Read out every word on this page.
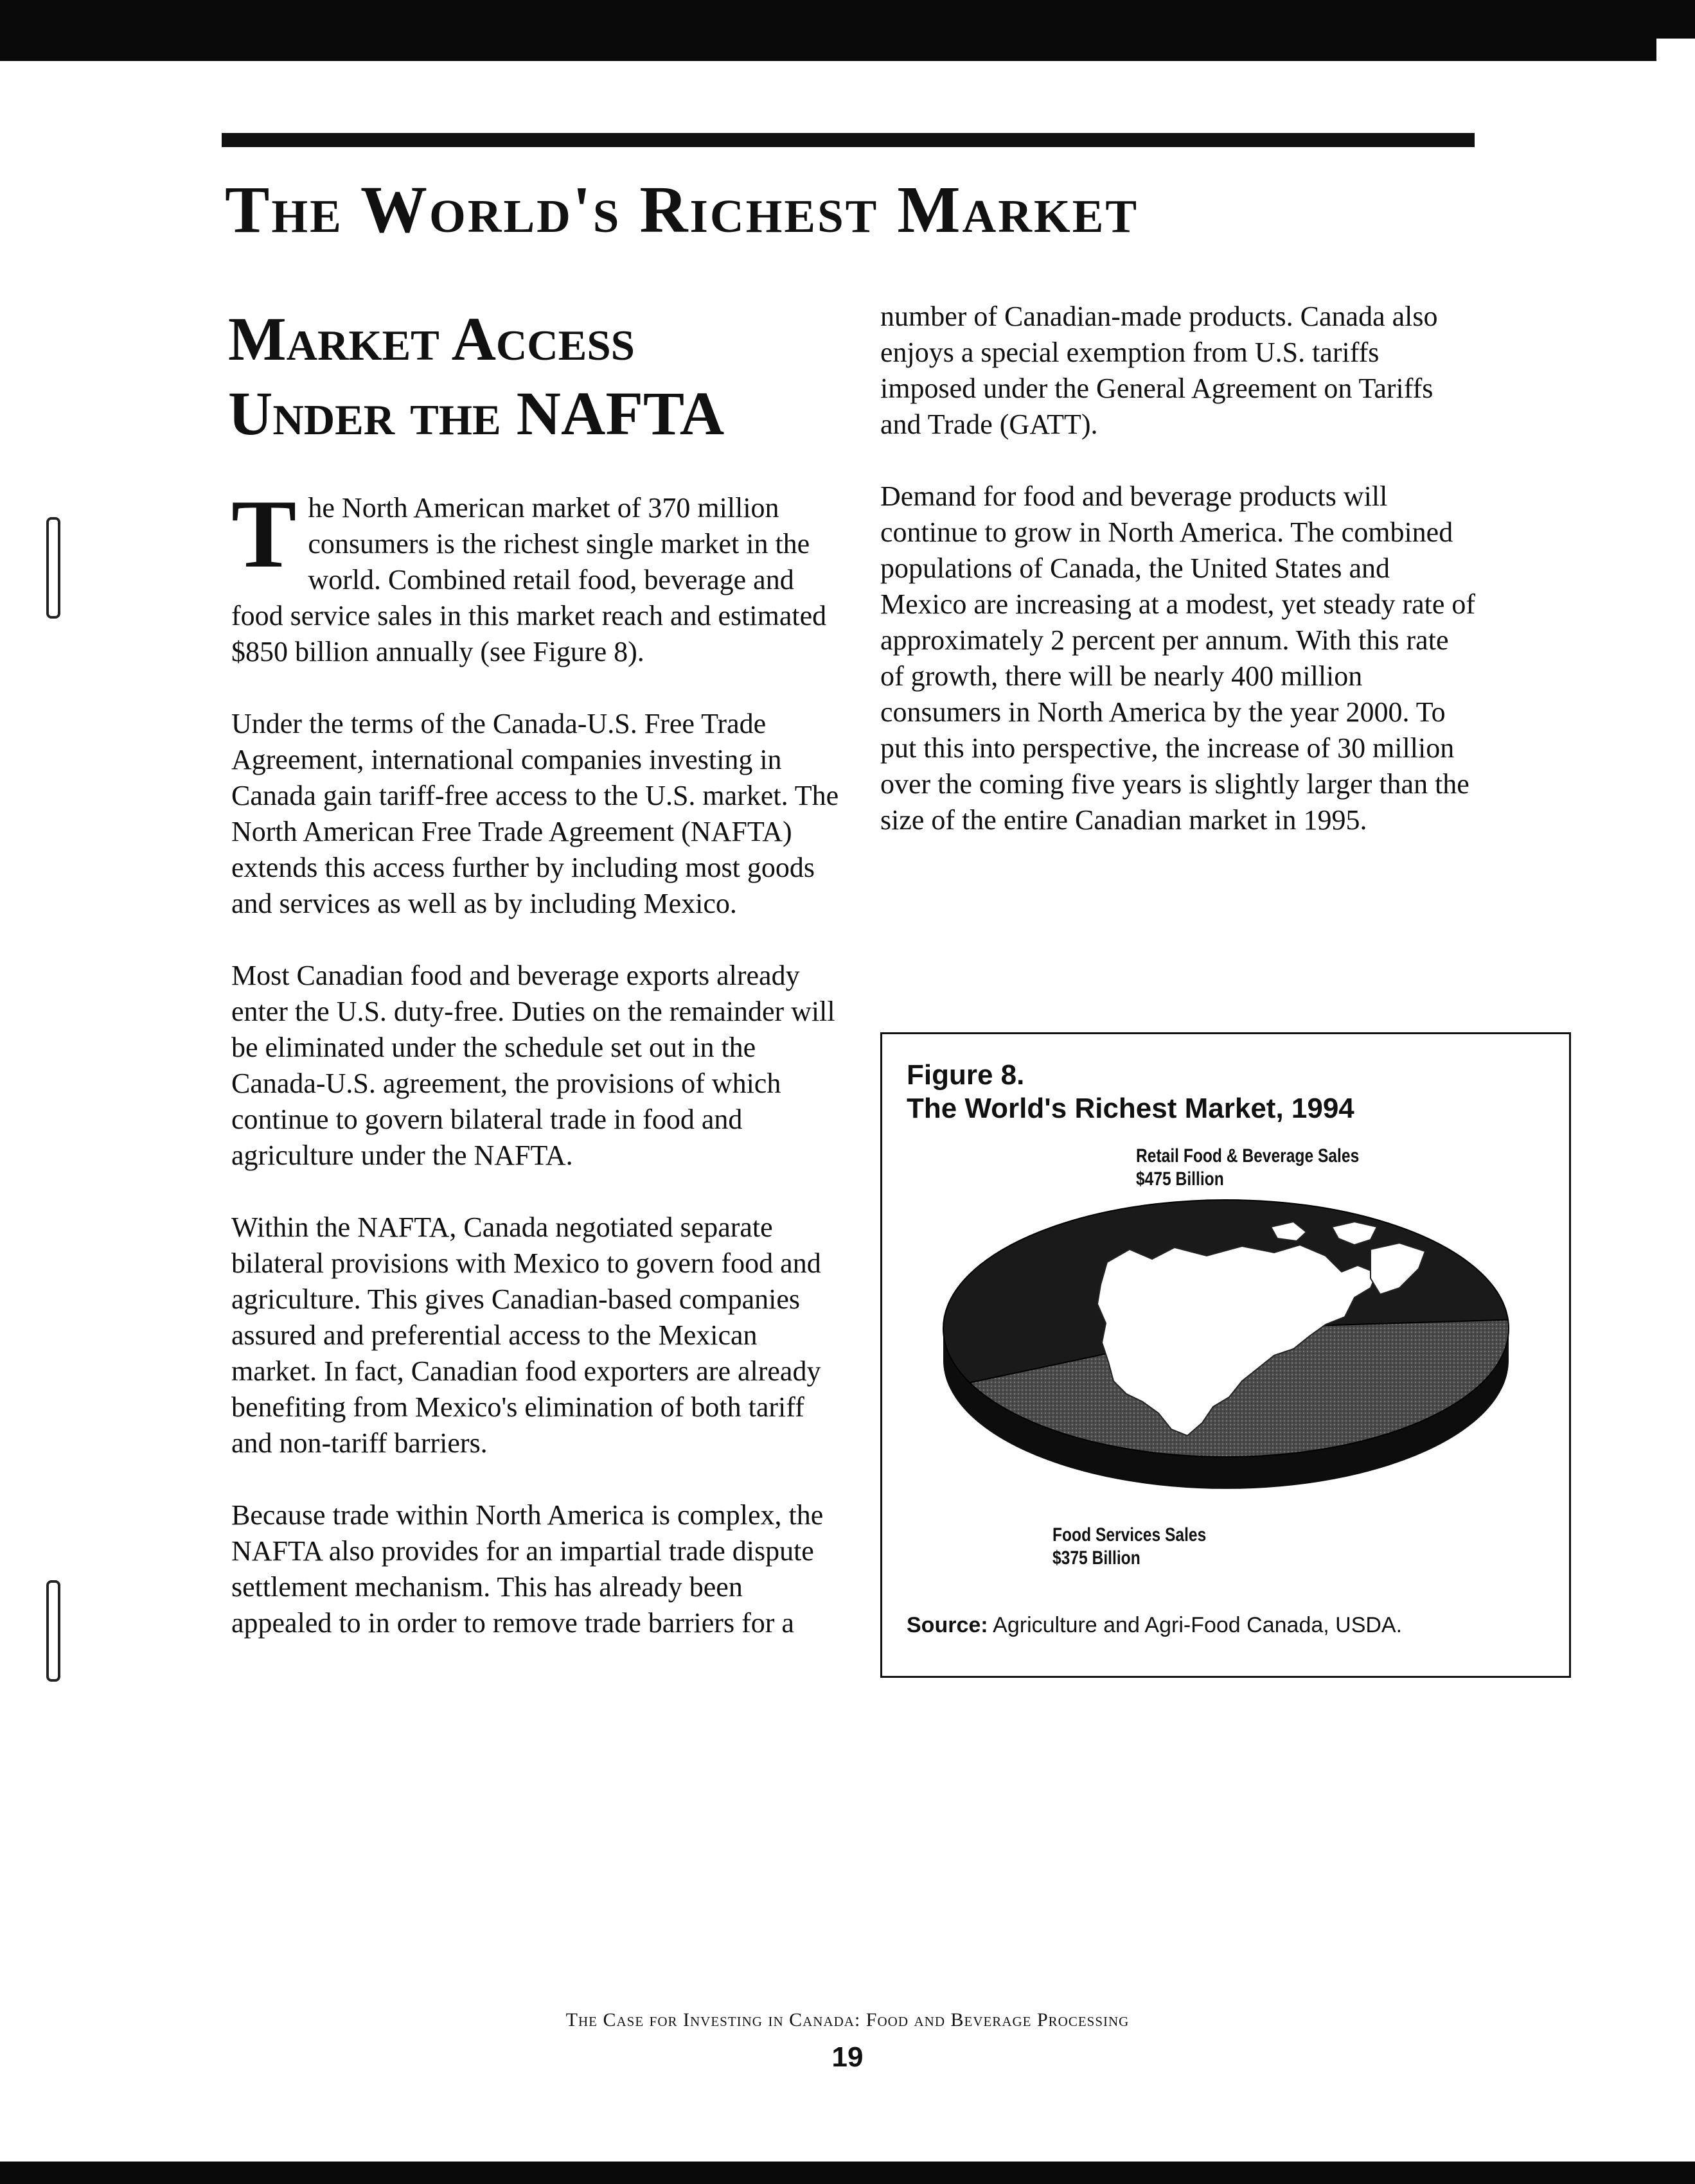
The World's Richest Market
Market Access
Under the NAFTA

The North American market of 370 million consumers is the richest single market in the world. Combined retail food, beverage and food service sales in this market reach and estimated $850 billion annually (see Figure 8).

Under the terms of the Canada-U.S. Free Trade Agreement, international companies investing in Canada gain tariff-free access to the U.S. market. The North American Free Trade Agreement (NAFTA) extends this access further by including most goods and services as well as by including Mexico.

Most Canadian food and beverage exports already enter the U.S. duty-free. Duties on the remainder will be eliminated under the schedule set out in the Canada-U.S. agreement, the provisions of which continue to govern bilateral trade in food and agriculture under the NAFTA.

Within the NAFTA, Canada negotiated separate bilateral provisions with Mexico to govern food and agriculture. This gives Canadian-based companies assured and preferential access to the Mexican market. In fact, Canadian food exporters are already benefiting from Mexico's elimination of both tariff and non-tariff barriers.

Because trade within North America is complex, the NAFTA also provides for an impartial trade dispute settlement mechanism. This has already been appealed to in order to remove trade barriers for a

number of Canadian-made products. Canada also enjoys a special exemption from U.S. tariffs imposed under the General Agreement on Tariffs and Trade (GATT).

Demand for food and beverage products will continue to grow in North America. The combined populations of Canada, the United States and Mexico are increasing at a modest, yet steady rate of approximately 2 percent per annum. With this rate of growth, there will be nearly 400 million consumers in North America by the year 2000. To put this into perspective, the increase of 30 million over the coming five years is slightly larger than the size of the entire Canadian market in 1995.

Figure 8.

The World's Richest Market, 1994

Retail Food & Beverage Sales
$475 Billion
Food Services Sales
$375 Billion

Source: Agriculture and Agri-Food Canada, USDA.

The Case for Investing in Canada: Food and Beverage Processing

19
